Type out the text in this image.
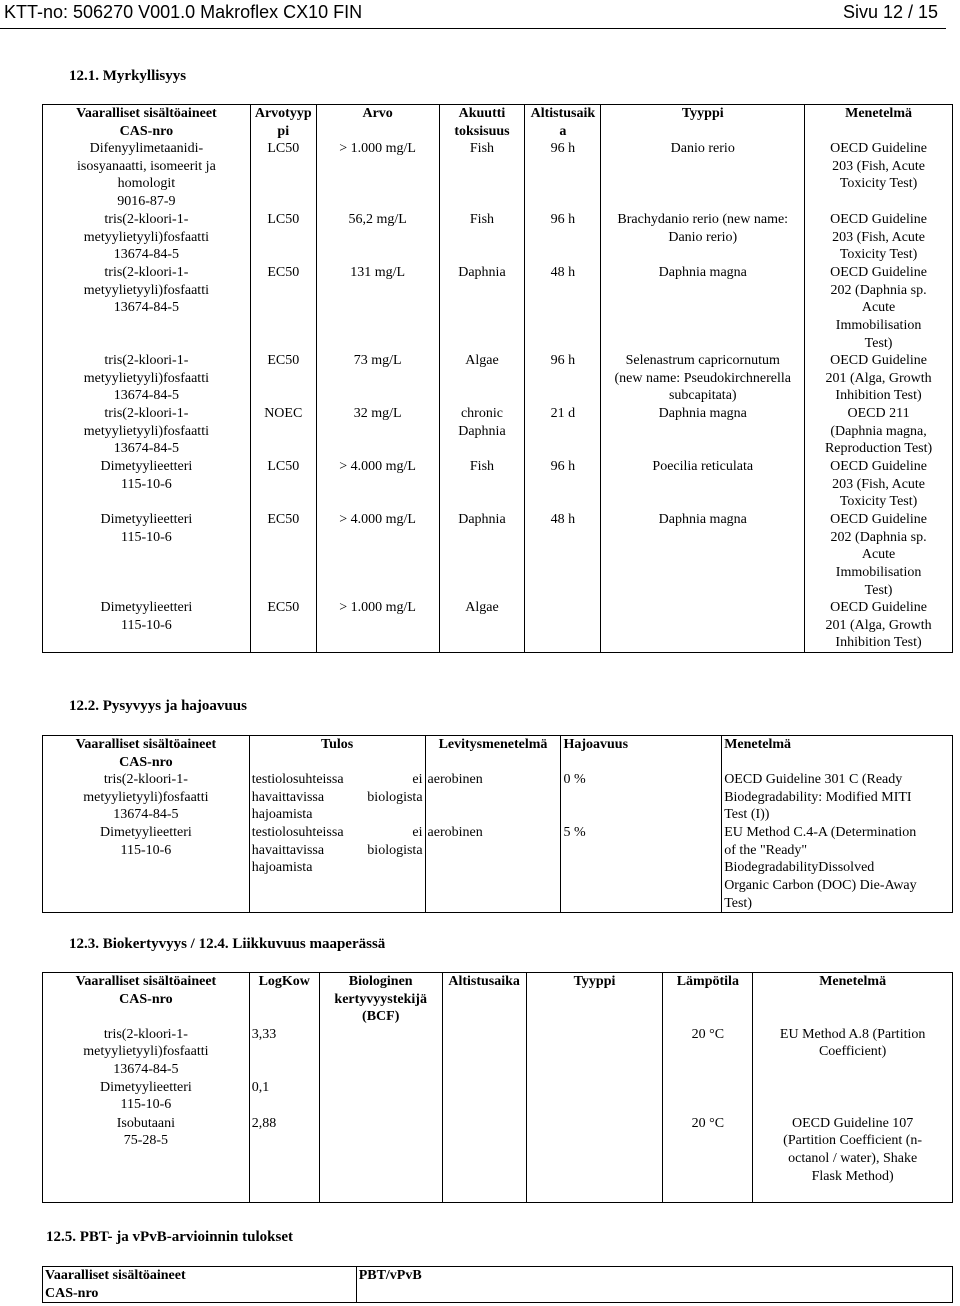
KTT-no: 506270 V001.0 Makroflex CX10 FIN	Sivu 12 / 15
12.1. Myrkyllisyys
Vaaralliset sisältöaineet
CAS-nro	Arvotyyp
pi	Arvo	Akuutti
toksisuus	Altistusaik
a	Tyyppi	Menetelmä
Difenyylimetaanidi-
isosyanaatti, isomeerit ja
homologit
9016-87-9	LC50	> 1.000 mg/L	Fish	96 h	Danio rerio	OECD Guideline
203 (Fish, Acute
Toxicity Test)
tris(2-kloori-1-
metyylietyyli)fosfaatti
13674-84-5	LC50	56,2 mg/L	Fish	96 h	Brachydanio rerio (new name:
Danio rerio)	OECD Guideline
203 (Fish, Acute
Toxicity Test)
tris(2-kloori-1-
metyylietyyli)fosfaatti
13674-84-5	EC50	131 mg/L	Daphnia	48 h	Daphnia magna	OECD Guideline
202 (Daphnia sp.
Acute
Immobilisation
Test)
tris(2-kloori-1-
metyylietyyli)fosfaatti
13674-84-5	EC50	73 mg/L	Algae	96 h	Selenastrum capricornutum
(new name: Pseudokirchnerella
subcapitata)	OECD Guideline
201 (Alga, Growth
Inhibition Test)
tris(2-kloori-1-
metyylietyyli)fosfaatti
13674-84-5	NOEC	32 mg/L	chronic
Daphnia	21 d	Daphnia magna	OECD 211
(Daphnia magna,
Reproduction Test)
Dimetyylieetteri
115-10-6	LC50	> 4.000 mg/L	Fish	96 h	Poecilia reticulata	OECD Guideline
203 (Fish, Acute
Toxicity Test)
Dimetyylieetteri
115-10-6	EC50	> 4.000 mg/L	Daphnia	48 h	Daphnia magna	OECD Guideline
202 (Daphnia sp.
Acute
Immobilisation
Test)
Dimetyylieetteri
115-10-6	EC50	> 1.000 mg/L	Algae			OECD Guideline
201 (Alga, Growth
Inhibition Test)
12.2. Pysyvyys ja hajoavuus
Vaaralliset sisältöaineet
CAS-nro	Tulos	Levitysmenetelmä	Hajoavuus	Menetelmä
tris(2-kloori-1-
metyylietyyli)fosfaatti
13674-84-5	testiolosuhteissa ei havaittavissa biologista hajoamista	aerobinen	0 %	OECD Guideline 301 C (Ready
Biodegradability: Modified MITI
Test (I))
Dimetyylieetteri
115-10-6	testiolosuhteissa ei havaittavissa biologista hajoamista	aerobinen	5 %	EU Method C.4-A (Determination
of the "Ready"
BiodegradabilityDissolved
Organic Carbon (DOC) Die-Away
Test)
12.3. Biokertyvyys / 12.4. Liikkuvuus maaperässä
Vaaralliset sisältöaineet
CAS-nro	LogKow	Biologinen
kertyvyystekijä
(BCF)	Altistusaika	Tyyppi	Lämpötila	Menetelmä
tris(2-kloori-1-
metyylietyyli)fosfaatti
13674-84-5	3,33				20 °C	EU Method A.8 (Partition
Coefficient)
Dimetyylieetteri
115-10-6	0,1					
Isobutaani
75-28-5	2,88				20 °C	OECD Guideline 107
(Partition Coefficient (n-
octanol / water), Shake
Flask Method)
12.5. PBT- ja vPvB-arvioinnin tulokset
Vaaralliset sisältöaineet
CAS-nro	PBT/vPvB
